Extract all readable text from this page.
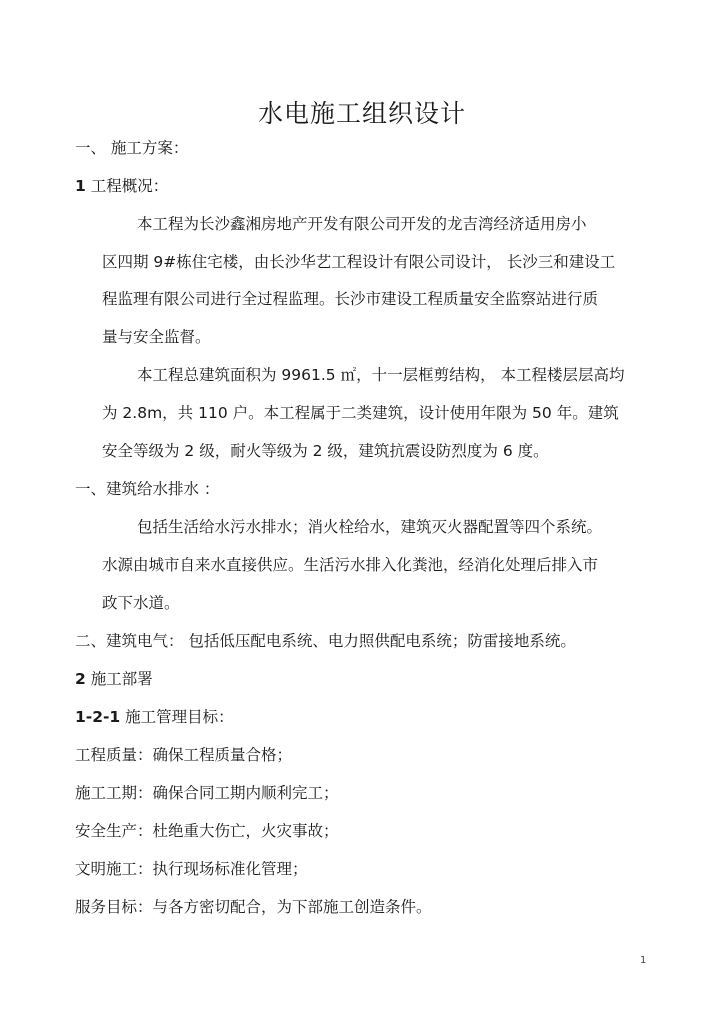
水电施工组织设计
一、 施工方案：
1 工程概况：
本工程为长沙鑫湘房地产开发有限公司开发的龙吉湾经济适用房小
区四期 9#栋住宅楼，由长沙华艺工程设计有限公司设计， 长沙三和建设工
程监理有限公司进行全过程监理。长沙市建设工程质量安全监察站进行质
量与安全监督。
本工程总建筑面积为 9961.5 ㎡，十一层框剪结构， 本工程楼层层高均
为 2.8m，共 110 户。本工程属于二类建筑，设计使用年限为 50 年。建筑
安全等级为 2 级，耐火等级为 2 级，建筑抗震设防烈度为 6 度。
一、建筑给水排水 ：
包括生活给水污水排水；消火栓给水，建筑灭火器配置等四个系统。
水源由城市自来水直接供应。生活污水排入化粪池，经消化处理后排入市
政下水道。
二、建筑电气： 包括低压配电系统、电力照供配电系统；防雷接地系统。
2 施工部署
1-2-1 施工管理目标：
工程质量：确保工程质量合格；
施工工期：确保合同工期内顺利完工；
安全生产：杜绝重大伤亡，火灾事故；
文明施工：执行现场标准化管理；
服务目标：与各方密切配合，为下部施工创造条件。
1
